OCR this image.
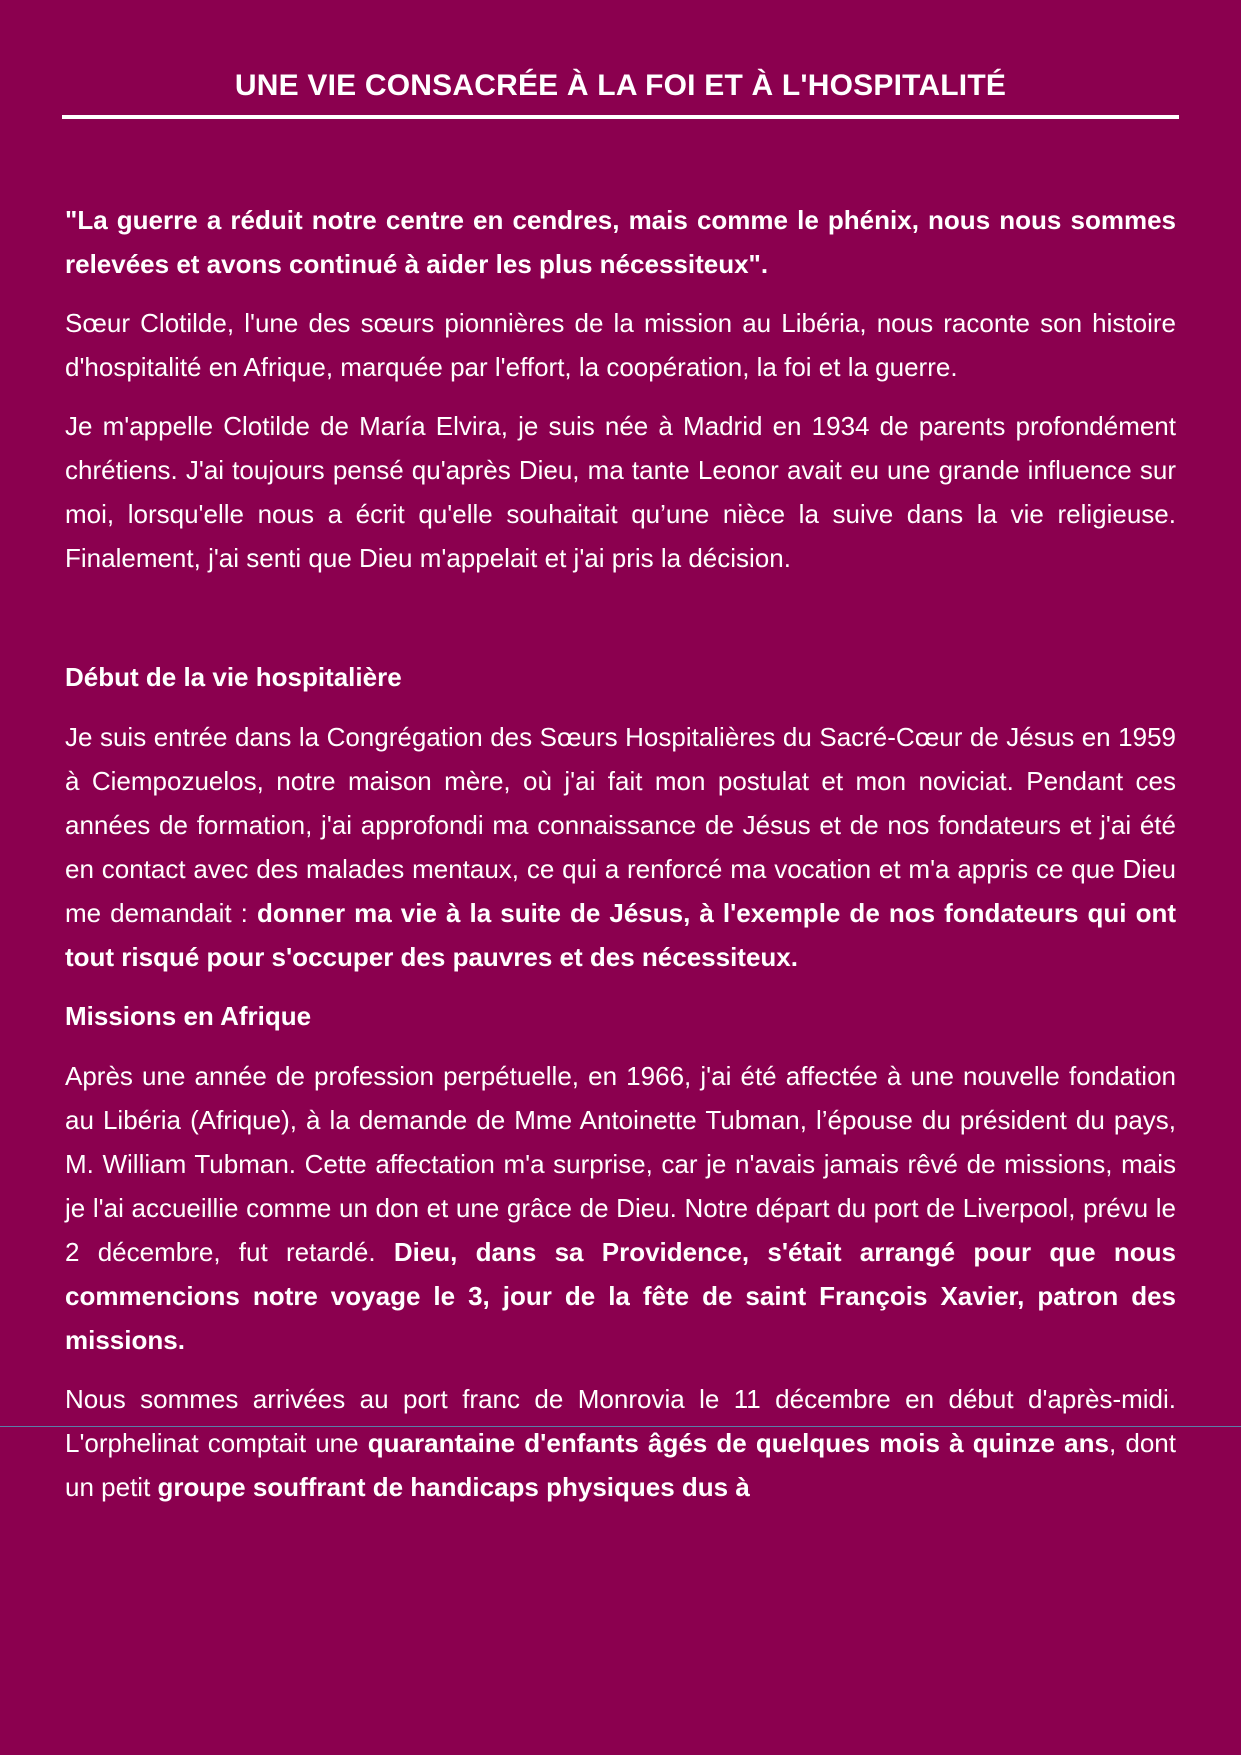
UNE VIE CONSACRÉE À LA FOI ET À L'HOSPITALITÉ

"La guerre a réduit notre centre en cendres, mais comme le phénix, nous nous sommes relevées et avons continué à aider les plus nécessiteux".

Sœur Clotilde, l'une des sœurs pionnières de la mission au Libéria, nous raconte son histoire d'hospitalité en Afrique, marquée par l'effort, la coopération, la foi et la guerre.

Je m'appelle Clotilde de María Elvira, je suis née à Madrid en 1934 de parents profondément chrétiens. J'ai toujours pensé qu'après Dieu, ma tante Leonor avait eu une grande influence sur moi, lorsqu'elle nous a écrit qu'elle souhaitait qu’une nièce la suive dans la vie religieuse. Finalement, j'ai senti que Dieu m'appelait et j'ai pris la décision.

Début de la vie hospitalière

Je suis entrée dans la Congrégation des Sœurs Hospitalières du Sacré-Cœur de Jésus en 1959 à Ciempozuelos, notre maison mère, où j'ai fait mon postulat et mon noviciat. Pendant ces années de formation, j'ai approfondi ma connaissance de Jésus et de nos fondateurs et j'ai été en contact avec des malades mentaux, ce qui a renforcé ma vocation et m'a appris ce que Dieu me demandait : donner ma vie à la suite de Jésus, à l'exemple de nos fondateurs qui ont tout risqué pour s'occuper des pauvres et des nécessiteux.

Missions en Afrique

Après une année de profession perpétuelle, en 1966, j'ai été affectée à une nouvelle fondation au Libéria (Afrique), à la demande de Mme Antoinette Tubman, l’épouse du président du pays, M. William Tubman. Cette affectation m'a surprise, car je n'avais jamais rêvé de missions, mais je l'ai accueillie comme un don et une grâce de Dieu. Notre départ du port de Liverpool, prévu le 2 décembre, fut retardé. Dieu, dans sa Providence, s'était arrangé pour que nous commencions notre voyage le 3, jour de la fête de saint François Xavier, patron des missions.

Nous sommes arrivées au port franc de Monrovia le 11 décembre en début d'après-midi. L'orphelinat comptait une quarantaine d'enfants âgés de quelques mois à quinze ans, dont un petit groupe souffrant de handicaps physiques dus à
